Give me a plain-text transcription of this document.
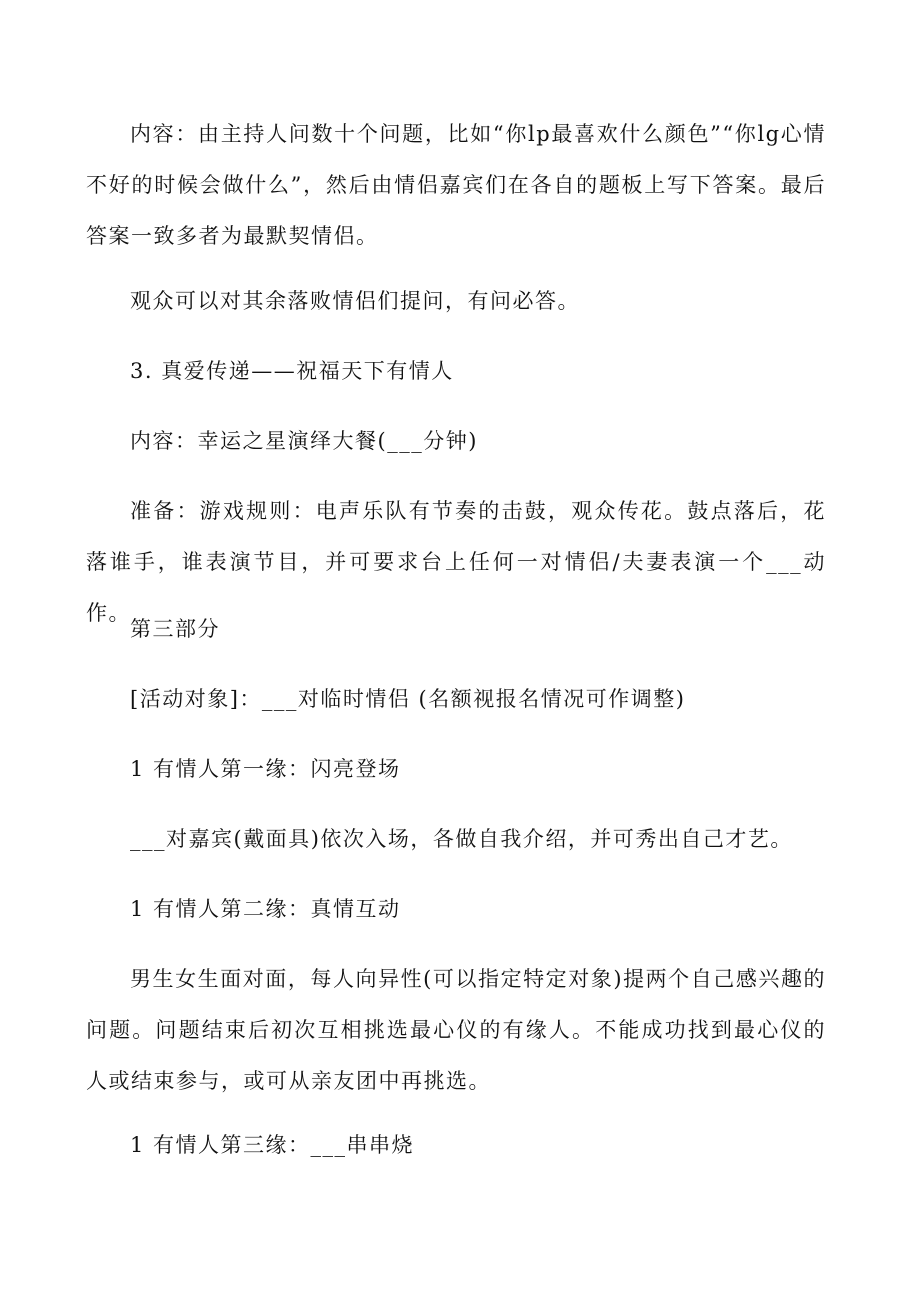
内容：由主持人问数十个问题，比如“你lp最喜欢什么颜色”“你lg心情不好的时候会做什么”，然后由情侣嘉宾们在各自的题板上写下答案。最后答案一致多者为最默契情侣。

观众可以对其余落败情侣们提问，有问必答。

3. 真爱传递——祝福天下有情人

内容：幸运之星演绎大餐(___分钟)

准备：游戏规则：电声乐队有节奏的击鼓，观众传花。鼓点落后，花落谁手，谁表演节目，并可要求台上任何一对情侣/夫妻表演一个___动作。

第三部分

[活动对象]：___对临时情侣 (名额视报名情况可作调整)

1 有情人第一缘：闪亮登场

___对嘉宾(戴面具)依次入场，各做自我介绍，并可秀出自己才艺。

1 有情人第二缘：真情互动

男生女生面对面，每人向异性(可以指定特定对象)提两个自己感兴趣的问题。问题结束后初次互相挑选最心仪的有缘人。不能成功找到最心仪的人或结束参与，或可从亲友团中再挑选。

1 有情人第三缘：___串串烧
